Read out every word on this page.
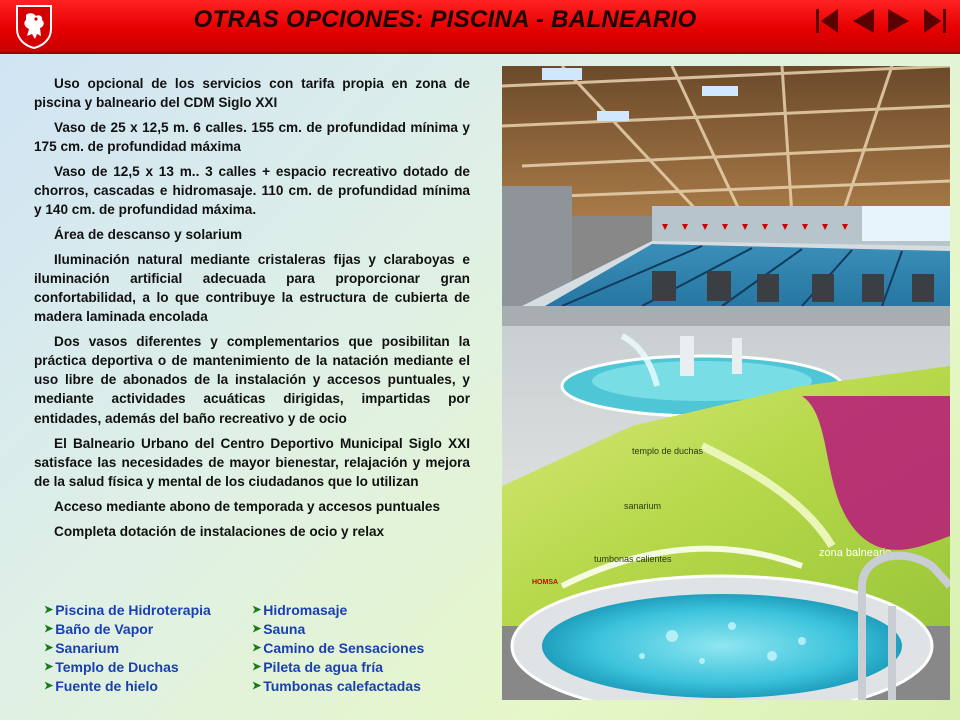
OTRAS OPCIONES: PISCINA - BALNEARIO

Uso opcional de los servicios con tarifa propia en zona de piscina y balneario del CDM Siglo XXI

Vaso de 25 x 12,5 m. 6 calles. 155 cm. de profundidad mínima y 175 cm. de profundidad máxima

Vaso de 12,5 x 13 m.. 3 calles + espacio recreativo dotado de chorros, cascadas e hidromasaje. 110 cm. de profundidad mínima y 140 cm. de profundidad máxima.

Área de descanso y solarium

Iluminación natural mediante cristaleras fijas y claraboyas e iluminación artificial adecuada para proporcionar gran confortabilidad, a lo que contribuye la estructura de cubierta de madera laminada encolada

Dos vasos diferentes y complementarios que posibilitan la práctica deportiva o de mantenimiento de la natación mediante el uso libre de abonados de la instalación y accesos puntuales, y mediante actividades acuáticas dirigidas, impartidas por entidades, además del baño recreativo y de ocio

El Balneario Urbano del Centro Deportivo Municipal Siglo XXI satisface las necesidades de mayor bienestar, relajación y mejora de la salud física y mental de los ciudadanos que lo utilizan

Acceso mediante abono de temporada y accesos puntuales

Completa dotación de instalaciones de ocio y relax

➤ Piscina de Hidroterapia	➤ Hidromasaje
➤ Baño de Vapor	➤ Sauna
➤ Sanarium	➤ Camino de Sensaciones
➤ Templo de Duchas	➤ Pileta de agua fría
➤ Fuente de hielo	➤ Tumbonas calefactadas
templo de duchas
sanarium
tumbonas calientes	zona balneario
HOMSA
